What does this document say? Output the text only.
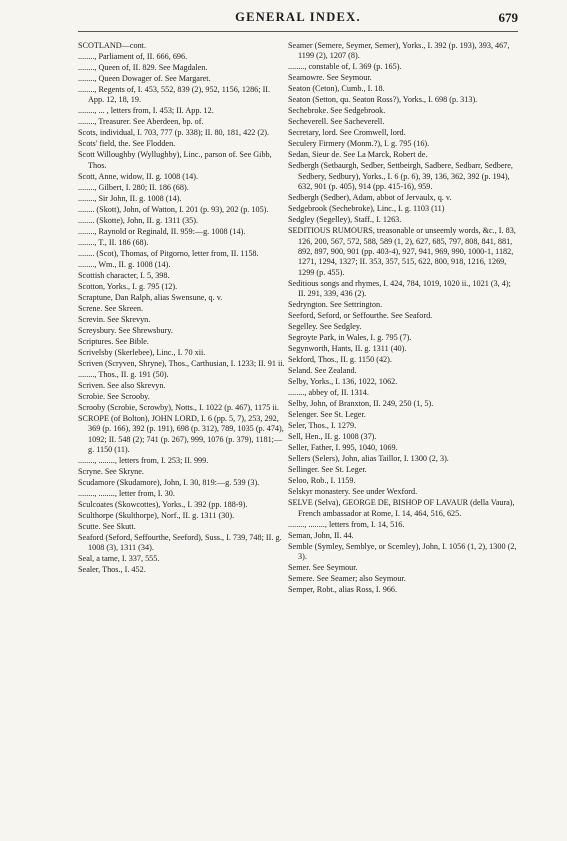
GENERAL INDEX.	679
SCOTLAND—cont.
........, Parliament of, II. 666, 696.
........, Queen of, II. 829. See Magdalen.
........, Queen Dowager of. See Margaret.
........, Regents of, I. 453, 552, 839 (2), 952, 1156, 1286; II. App. 12, 18, 19.
........, ... , letters from, I. 453; II. App. 12.
........, Treasurer. See Aberdeen, bp. of.
Scots, individual, I. 703, 777 (p. 338); II. 80, 181, 422 (2).
Scots' field, the. See Flodden.
Scott Willoughby (Wyllughby), Linc., parson of. See Gibb, Thos.
Scott, Anne, widow, II. g. 1008 (14).
........, Gilbert, I. 280; II. 186 (68).
........, Sir John, II. g. 1008 (14).
........ (Skott), John, of Watton, I. 201 (p. 93), 202 (p. 105).
........ (Skotte), John, II. g. 1311 (35).
........, Raynold or Reginald, II. 959:—g. 1008 (14).
........, T., II. 186 (68).
........ (Scot), Thomas, of Pitgorno, letter from, II. 1158.
........, Wm., II. g. 1008 (14).
Scottish character, I. 5, 398.
Scotton, Yorks., I. g. 795 (12).
Scraptune, Dan Ralph, alias Swensune, q. v.
Screne. See Skreen.
Screvin. See Skrevyn.
Screysbury. See Shrewsbury.
Scriptures. See Bible.
Scrivelsby (Skerlebee), Linc., I. 70 xii.
Scriven (Scryven, Shryne), Thos., Carthusian, I. 1233; II. 91 ii.
........, Thos., II. g. 191 (50).
Scriven. See also Skrevyn.
Scrobie. See Scrooby.
Scrooby (Scrobie, Scrowby), Notts., I. 1022 (p. 467), 1175 ii.
SCROPE (of Bolton), JOHN LORD, I. 6 (pp. 5, 7), 253, 292, 369 (p. 166), 392 (p. 191), 698 (p. 312), 789, 1035 (p. 474), 1092; II. 548 (2); 741 (p. 267), 999, 1076 (p. 379), 1181;—g. 1150 (11).
........, ........, letters from, I. 253; II. 999.
Scryne. See Skryne.
Scudamore (Skudamore), John, I. 30, 819:—g. 539 (3).
........, ........, letter from, I. 30.
Sculcoates (Skowcottes), Yorks., I. 392 (pp. 188-9).
Sculthorpe (Skulthorpe), Norf., II. g. 1311 (30).
Scutte. See Skutt.
Seaford (Seford, Seffourthe, Seeford), Suss., I. 739, 748; II. g. 1008 (3), 1311 (34).
Seal, a tame, I. 337, 555.
Sealer, Thos., I. 452.
Seamer (Semere, Seymer, Semer), Yorks., I. 392 (p. 193), 393, 467, 1199 (2), 1207 (8).
........, constable of, I. 369 (p. 165).
Seamowre. See Seymour.
Seaton (Ceton), Cumb., I. 18.
Seaton (Setton, qu. Seaton Ross?), Yorks., I. 698 (p. 313).
Sechebroke. See Sedgebrook.
Secheverell. See Sacheverell.
Secretary, lord. See Cromwell, lord.
Seculery Firmery (Monm.?), I. g. 795 (16).
Sedan, Sieur de. See La Marck, Robert de.
Sedbergh (Setbaurgh, Sedber, Settbeirgh, Sadbere, Sedbarr, Sedbere, Sedbery, Sedbury), Yorks., I. 6 (p. 6), 39, 136, 362, 392 (p. 194), 632, 901 (p. 405), 914 (pp. 415-16), 959.
Sedbergh (Sedber), Adam, abbot of Jervaulx, q. v.
Sedgebrook (Sechebroke), Linc., I. g. 1103 (11)
Sedgley (Segelley), Staff., I. 1263.
SEDITIOUS RUMOURS, treasonable or unseemly words, &c., I. 83, 126, 200, 567, 572, 588, 589 (1, 2), 627, 685, 797, 808, 841, 881, 892, 897, 900, 901 (pp. 403-4), 927, 941, 969, 990, 1000-1, 1182, 1271, 1294, 1327; II. 353, 357, 515, 622, 800, 918, 1216, 1269, 1299 (p. 455).
Seditious songs and rhymes, I. 424, 784, 1019, 1020 ii., 1021 (3, 4); II. 291, 339, 436 (2).
Sedryngton. See Settrington.
Seeford, Seford, or Seffourthe. See Seaford.
Segelley. See Sedgley.
Segroyte Park, in Wales, I. g. 795 (7).
Segynworth, Hants, II. g. 1311 (40).
Sekford, Thos., II. g. 1150 (42).
Seland. See Zealand.
Selby, Yorks., I. 136, 1022, 1062.
........, abbey of, II. 1314.
Selby, John, of Branxton, II. 249, 250 (1, 5).
Selenger. See St. Leger.
Seler, Thos., I. 1279.
Sell, Hen., II. g. 1008 (37).
Seller, Father, I. 995, 1040, 1069.
Sellers (Selers), John, alias Taillor, I. 1300 (2, 3).
Sellinger. See St. Leger.
Seloo, Rob., I. 1159.
Selskyr monastery. See under Wexford.
SELVE (Selva), GEORGE DE, BISHOP OF LAVAUR (della Vaura), French ambassador at Rome, I. 14, 464, 516, 625.
........, ........, letters from, I. 14, 516.
Seman, John, II. 44.
Semble (Symley, Semblye, or Scemley), John, I. 1056 (1, 2), 1300 (2, 3).
Semer. See Seymour.
Semere. See Seamer; also Seymour.
Semper, Robt., alias Ross, I. 966.
